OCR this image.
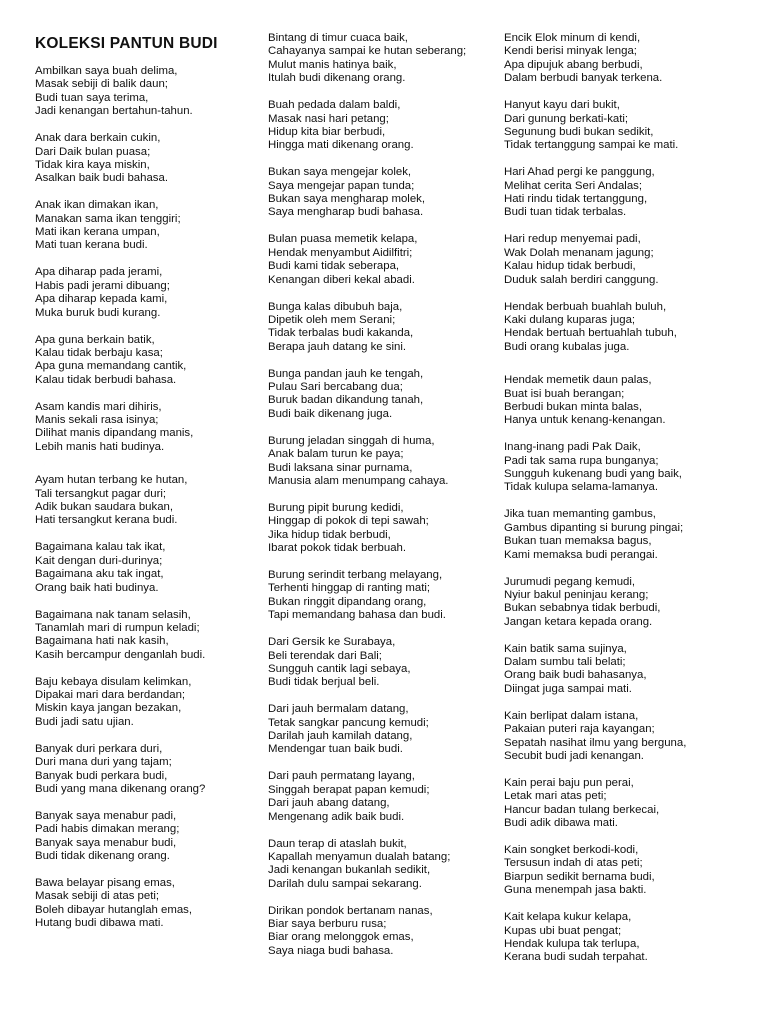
KOLEKSI PANTUN BUDI
Ambilkan saya buah delima,
Masak sebiji di balik daun;
Budi tuan saya terima,
Jadi kenangan bertahun-tahun.
Anak dara berkain cukin,
Dari Daik bulan puasa;
Tidak kira kaya miskin,
Asalkan baik budi bahasa.
Anak ikan dimakan ikan,
Manakan sama ikan tenggiri;
Mati ikan kerana umpan,
Mati tuan kerana budi.
Apa diharap pada jerami,
Habis padi jerami dibuang;
Apa diharap kepada kami,
Muka buruk budi kurang.
Apa guna berkain batik,
Kalau tidak berbaju kasa;
Apa guna memandang cantik,
Kalau tidak berbudi bahasa.
Asam kandis mari dihiris,
Manis sekali rasa isinya;
Dilihat manis dipandang manis,
Lebih manis hati budinya.
Ayam hutan terbang ke hutan,
Tali tersangkut pagar duri;
Adik bukan saudara bukan,
Hati tersangkut kerana budi.
Bagaimana kalau tak ikat,
Kait dengan duri-durinya;
Bagaimana aku tak ingat,
Orang baik hati budinya.
Bagaimana nak tanam selasih,
Tanamlah mari di rumpun keladi;
Bagaimana hati nak kasih,
Kasih bercampur denganlah budi.
Baju kebaya disulam kelimkan,
Dipakai mari dara berdandan;
Miskin kaya jangan bezakan,
Budi jadi satu ujian.
Banyak duri perkara duri,
Duri mana duri yang tajam;
Banyak budi perkara budi,
Budi yang mana dikenang orang?
Banyak saya menabur padi,
Padi habis dimakan merang;
Banyak saya menabur budi,
Budi tidak dikenang orang.
Bawa belayar pisang emas,
Masak sebiji di atas peti;
Boleh dibayar hutanglah emas,
Hutang budi dibawa mati.
Bintang di timur cuaca baik,
Cahayanya sampai ke hutan seberang;
Mulut manis hatinya baik,
Itulah budi dikenang orang.
Buah pedada dalam baldi,
Masak nasi hari petang;
Hidup kita biar berbudi,
Hingga mati dikenang orang.
Bukan saya mengejar kolek,
Saya mengejar papan tunda;
Bukan saya mengharap molek,
Saya mengharap budi bahasa.
Bulan puasa memetik kelapa,
Hendak menyambut Aidilfitri;
Budi kami tidak seberapa,
Kenangan diberi kekal abadi.
Bunga kalas dibubuh baja,
Dipetik oleh mem Serani;
Tidak terbalas budi kakanda,
Berapa jauh datang ke sini.
Bunga pandan jauh ke tengah,
Pulau Sari bercabang dua;
Buruk badan dikandung tanah,
Budi baik dikenang juga.
Burung jeladan singgah di huma,
Anak balam turun ke paya;
Budi laksana sinar purnama,
Manusia alam menumpang cahaya.
Burung pipit burung kedidi,
Hinggap di pokok di tepi sawah;
Jika hidup tidak berbudi,
Ibarat pokok tidak berbuah.
Burung serindit terbang melayang,
Terhenti hinggap di ranting mati;
Bukan ringgit dipandang orang,
Tapi memandang bahasa dan budi.
Dari Gersik ke Surabaya,
Beli terendak dari Bali;
Sungguh cantik lagi sebaya,
Budi tidak berjual beli.
Dari jauh bermalam datang,
Tetak sangkar pancung kemudi;
Darilah jauh kamilah datang,
Mendengar tuan baik budi.
Dari pauh permatang layang,
Singgah berapat papan kemudi;
Dari jauh abang datang,
Mengenang adik baik budi.
Daun terap di ataslah bukit,
Kapallah menyamun dualah batang;
Jadi kenangan bukanlah sedikit,
Darilah dulu sampai sekarang.
Dirikan pondok bertanam nanas,
Biar saya berburu rusa;
Biar orang melonggok emas,
Saya niaga budi bahasa.
Encik Elok minum di kendi,
Kendi berisi minyak lenga;
Apa dipujuk abang berbudi,
Dalam berbudi banyak terkena.
Hanyut kayu dari bukit,
Dari gunung berkati-kati;
Segunung budi bukan sedikit,
Tidak tertanggung sampai ke mati.
Hari Ahad pergi ke panggung,
Melihat cerita Seri Andalas;
Hati rindu tidak tertanggung,
Budi tuan tidak terbalas.
Hari redup menyemai padi,
Wak Dolah menanam jagung;
Kalau hidup tidak berbudi,
Duduk salah berdiri canggung.
Hendak berbuah buahlah buluh,
Kaki dulang kuparas juga;
Hendak bertuah bertuahlah tubuh,
Budi orang kubalas juga.
Hendak memetik daun palas,
Buat isi buah berangan;
Berbudi bukan minta balas,
Hanya untuk kenang-kenangan.
Inang-inang padi Pak Daik,
Padi tak sama rupa bunganya;
Sungguh kukenang budi yang baik,
Tidak kulupa selama-lamanya.
Jika tuan memanting gambus,
Gambus dipanting si burung pingai;
Bukan tuan memaksa bagus,
Kami memaksa budi perangai.
Jurumudi pegang kemudi,
Nyiur bakul peninjau kerang;
Bukan sebabnya tidak berbudi,
Jangan ketara kepada orang.
Kain batik sama sujinya,
Dalam sumbu tali belati;
Orang baik budi bahasanya,
Diingat juga sampai mati.
Kain berlipat dalam istana,
Pakaian puteri raja kayangan;
Sepatah nasihat ilmu yang berguna,
Secubit budi jadi kenangan.
Kain perai baju pun perai,
Letak mari atas peti;
Hancur badan tulang berkecai,
Budi adik dibawa mati.
Kain songket berkodi-kodi,
Tersusun indah di atas peti;
Biarpun sedikit bernama budi,
Guna menempah jasa bakti.
Kait kelapa kukur kelapa,
Kupas ubi buat pengat;
Hendak kulupa tak terlupa,
Kerana budi sudah terpahat.
